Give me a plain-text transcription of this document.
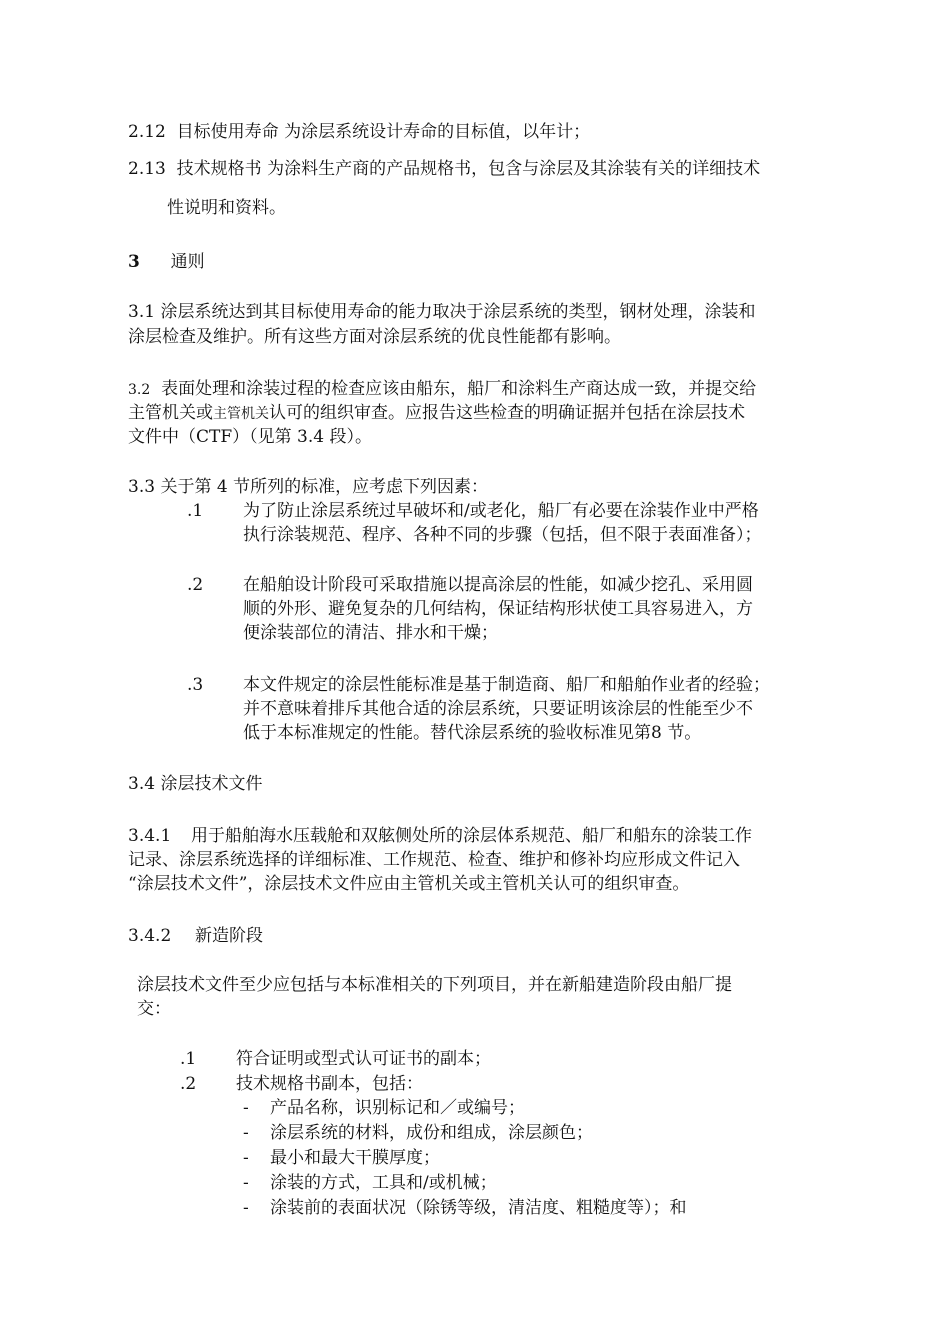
2.12 目标使用寿命 为涂层系统设计寿命的目标值，以年计；
2.13 技术规格书 为涂料生产商的产品规格书，包含与涂层及其涂装有关的详细技术
性说明和资料。
3 通则
3.1 涂层系统达到其目标使用寿命的能力取决于涂层系统的类型，钢材处理，涂装和
涂层检查及维护。所有这些方面对涂层系统的优良性能都有影响。
3.2 表面处理和涂装过程的检查应该由船东，船厂和涂料生产商达成一致，并提交给
主管机关或主管机关认可的组织审查。应报告这些检查的明确证据并包括在涂层技术
文件中（CTF）（见第 3.4 段）。
3.3 关于第 4 节所列的标准，应考虑下列因素：
.1 为了防止涂层系统过早破坏和/或老化，船厂有必要在涂装作业中严格
执行涂装规范、程序、各种不同的步骤（包括，但不限于表面准备）；
.2 在船舶设计阶段可采取措施以提高涂层的性能，如减少挖孔、采用圆
顺的外形、避免复杂的几何结构，保证结构形状使工具容易进入，方
便涂装部位的清洁、排水和干燥；
.3 本文件规定的涂层性能标准是基于制造商、船厂和船舶作业者的经验；
并不意味着排斥其他合适的涂层系统，只要证明该涂层的性能至少不
低于本标准规定的性能。替代涂层系统的验收标准见第8 节。
3.4 涂层技术文件
3.4.1 用于船舶海水压载舱和双舷侧处所的涂层体系规范、船厂和船东的涂装工作
记录、涂层系统选择的详细标准、工作规范、检查、维护和修补均应形成文件记入
“涂层技术文件”，涂层技术文件应由主管机关或主管机关认可的组织审查。
3.4.2 新造阶段
涂层技术文件至少应包括与本标准相关的下列项目，并在新船建造阶段由船厂提
交：
.1 符合证明或型式认可证书的副本；
.2 技术规格书副本，包括：
- 产品名称，识别标记和／或编号；
- 涂层系统的材料，成份和组成，涂层颜色；
- 最小和最大干膜厚度；
- 涂装的方式，工具和/或机械；
- 涂装前的表面状况（除锈等级，清洁度、粗糙度等）；和
